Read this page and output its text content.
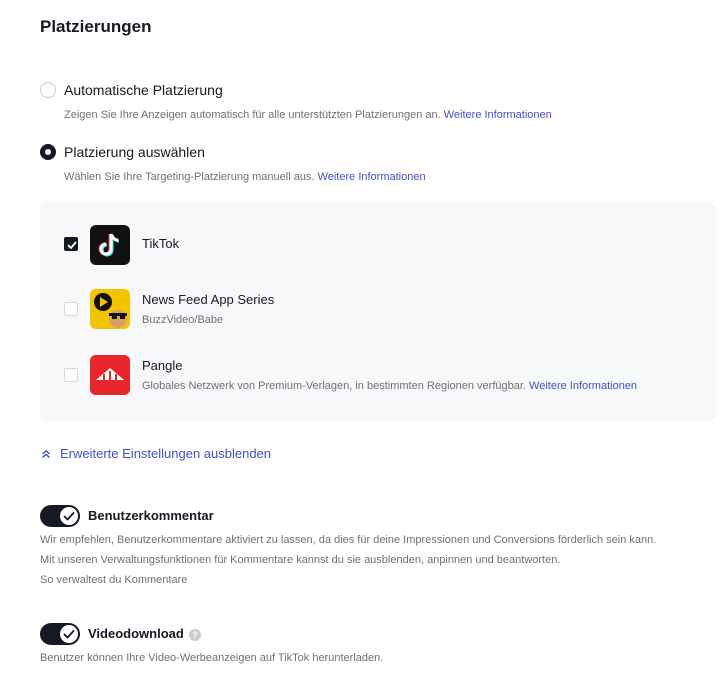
Platzierungen
Automatische Platzierung
Zeigen Sie Ihre Anzeigen automatisch für alle unterstützten Platzierungen an. Weitere Informationen
Platzierung auswählen
Wählen Sie Ihre Targeting-Platzierung manuell aus. Weitere Informationen
TikTok
News Feed App Series
BuzzVideo/Babe
Pangle
Globales Netzwerk von Premium-Verlagen, in bestimmten Regionen verfügbar. Weitere Informationen
Erweiterte Einstellungen ausblenden
Benutzerkommentar
Wir empfehlen, Benutzerkommentare aktiviert zu lassen, da dies für deine Impressionen und Conversions förderlich sein kann.
Mit unseren Verwaltungsfunktionen für Kommentare kannst du sie ausblenden, anpinnen und beantworten.
So verwaltest du Kommentare
Videodownload ?
Benutzer können Ihre Video-Werbeanzeigen auf TikTok herunterladen.
